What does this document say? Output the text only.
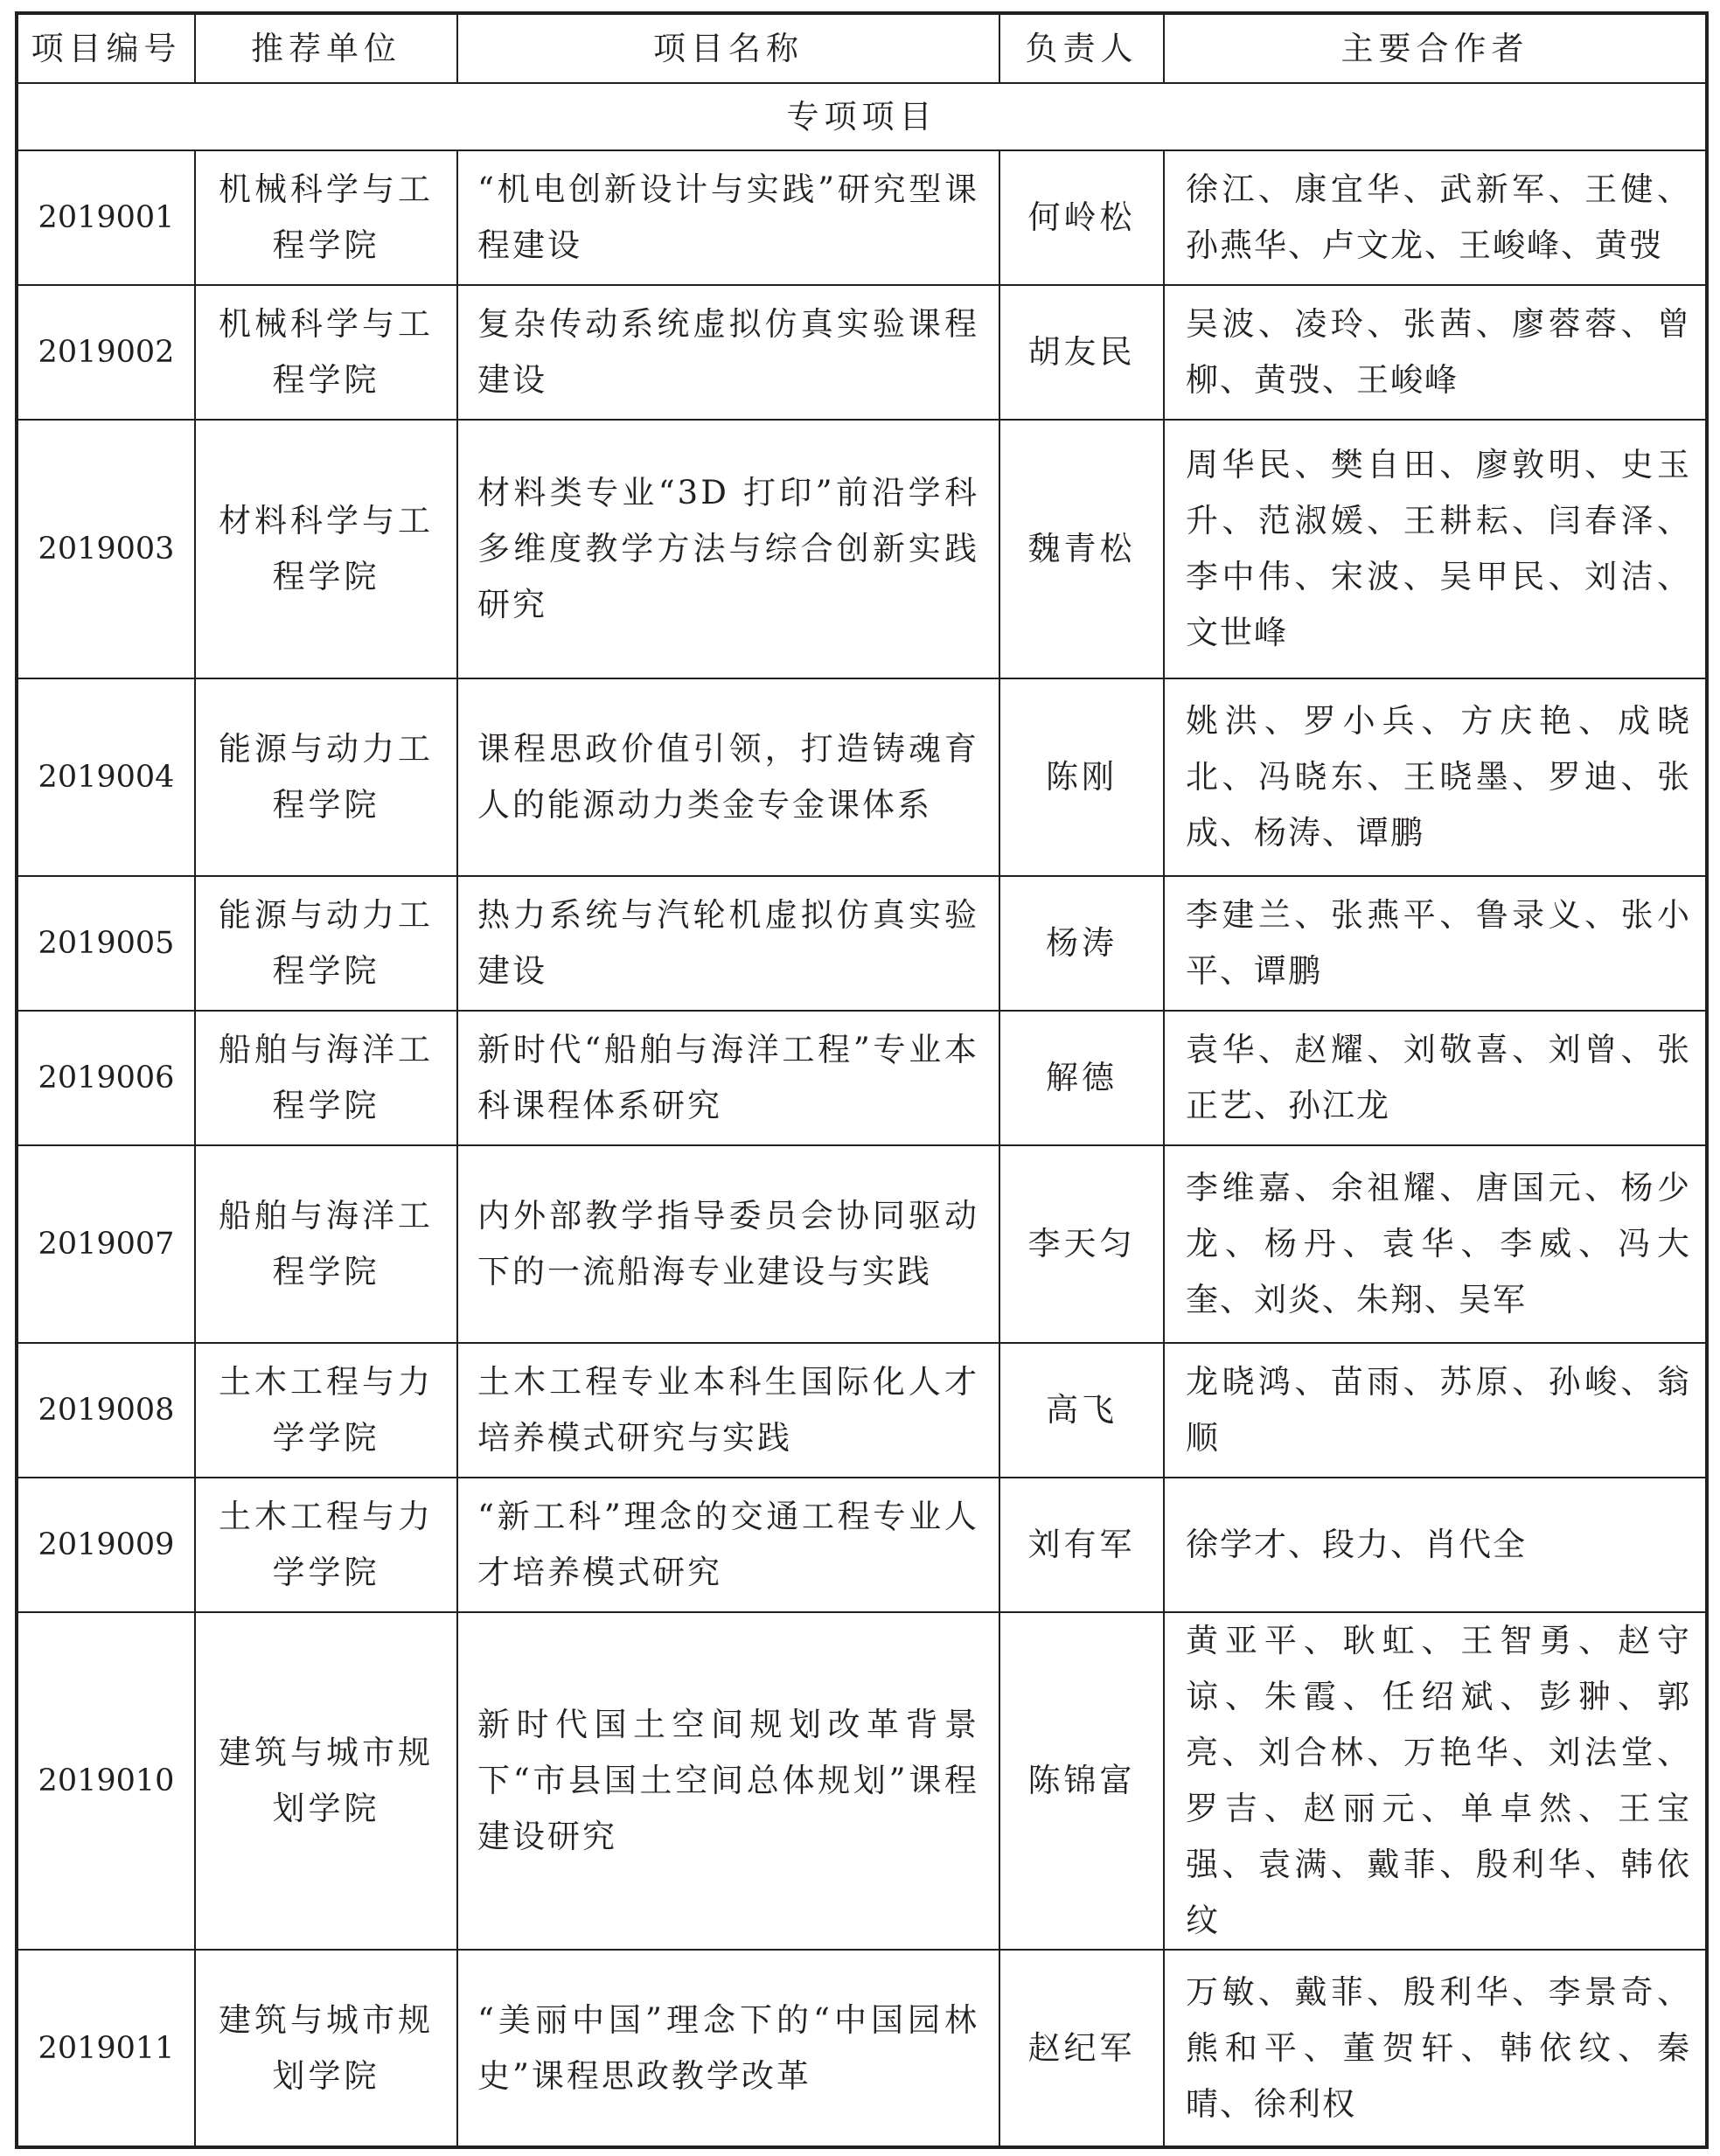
项目编号	推荐单位	项目名称	负责人	主要合作者
专项项目				
2019001	机械科学与工程学院	“机电创新设计与实践”研究型课程建设	何岭松	徐江、康宜华、武新军、王健、孙燕华、卢文龙、王峻峰、黄弢
2019002	机械科学与工程学院	复杂传动系统虚拟仿真实验课程建设	胡友民	吴波、凌玲、张茜、廖蓉蓉、曾柳、黄弢、王峻峰
2019003	材料科学与工程学院	材料类专业“3D 打印”前沿学科多维度教学方法与综合创新实践研究	魏青松	周华民、樊自田、廖敦明、史玉升、范淑媛、王耕耘、闫春泽、李中伟、宋波、吴甲民、刘洁、文世峰
2019004	能源与动力工程学院	课程思政价值引领，打造铸魂育人的能源动力类金专金课体系	陈刚	姚洪、罗小兵、方庆艳、成晓北、冯晓东、王晓墨、罗迪、张成、杨涛、谭鹏
2019005	能源与动力工程学院	热力系统与汽轮机虚拟仿真实验建设	杨涛	李建兰、张燕平、鲁录义、张小平、谭鹏
2019006	船舶与海洋工程学院	新时代“船舶与海洋工程”专业本科课程体系研究	解德	袁华、赵耀、刘敬喜、刘曾、张正艺、孙江龙
2019007	船舶与海洋工程学院	内外部教学指导委员会协同驱动下的一流船海专业建设与实践	李天匀	李维嘉、余祖耀、唐国元、杨少龙、杨丹、袁华、李威、冯大奎、刘炎、朱翔、吴军
2019008	土木工程与力学学院	土木工程专业本科生国际化人才培养模式研究与实践	高飞	龙晓鸿、苗雨、苏原、孙峻、翁顺
2019009	土木工程与力学学院	“新工科”理念的交通工程专业人才培养模式研究	刘有军	徐学才、段力、肖代全
2019010	建筑与城市规划学院	新时代国土空间规划改革背景下“市县国土空间总体规划”课程建设研究	陈锦富	黄亚平、耿虹、王智勇、赵守谅、朱霞、任绍斌、彭翀、郭亮、刘合林、万艳华、刘法堂、罗吉、赵丽元、单卓然、王宝强、袁满、戴菲、殷利华、韩依纹
2019011	建筑与城市规划学院	“美丽中国”理念下的“中国园林史”课程思政教学改革	赵纪军	万敏、戴菲、殷利华、李景奇、熊和平、董贺轩、韩依纹、秦晴、徐利权
